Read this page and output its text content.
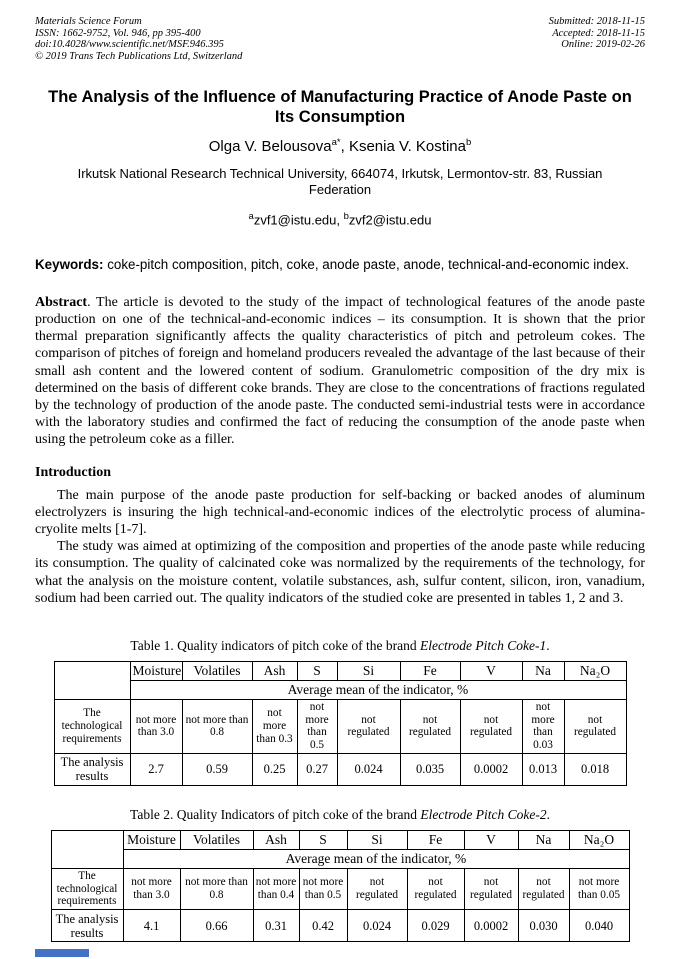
Materials Science Forum
ISSN: 1662-9752, Vol. 946, pp 395-400
doi:10.4028/www.scientific.net/MSF.946.395
© 2019 Trans Tech Publications Ltd, Switzerland
Submitted: 2018-11-15
Accepted: 2018-11-15
Online: 2019-02-26
The Analysis of the Influence of Manufacturing Practice of Anode Paste on Its Consumption
Olga V. Belousova$^{a*}$, Ksenia V. Kostina$^b$
Irkutsk National Research Technical University, 664074, Irkutsk, Lermontov-str. 83, Russian Federation
$^a$zvf1@istu.edu, $^b$zvf2@istu.edu

Keywords: coke-pitch composition, pitch, coke, anode paste, anode, technical-and-economic index.

Abstract. The article is devoted to the study of the impact of technological features of the anode paste production on one of the technical-and-economic indices – its consumption. It is shown that the prior thermal preparation significantly affects the quality characteristics of pitch and petroleum cokes. The comparison of pitches of foreign and homeland producers revealed the advantage of the last because of their small ash content and the lowered content of sodium. Granulometric composition of the dry mix is determined on the basis of different coke brands. They are close to the concentrations of fractions regulated by the technology of production of the anode paste. The conducted semi-industrial tests were in accordance with the laboratory studies and confirmed the fact of reducing the consumption of the anode paste when using the petroleum coke as a filler.

Introduction

The main purpose of the anode paste production for self-backing or backed anodes of aluminum electrolyzers is insuring the high technical-and-economic indices of the electrolytic process of alumina-cryolite melts [1-7].

The study was aimed at optimizing of the composition and properties of the anode paste while reducing its consumption. The quality of calcinated coke was normalized by the requirements of the technology, for what the analysis on the moisture content, volatile substances, ash, sulfur content, silicon, iron, vanadium, sodium had been carried out. The quality indicators of the studied coke are presented in tables 1, 2 and 3.

Table 1. Quality indicators of pitch coke of the brand Electrode Pitch Coke-1.
	Moisture	Volatiles	Ash	S	Si	Fe	V	Na	Na₂O
	Average mean of the indicator, %								
The technological requirements	not more than 3.0	not more than 0.8	not more than 0.3	not more than 0.5	not regulated	not regulated	not regulated	not more than 0.03	not regulated
The analysis results	2.7	0.59	0.25	0.27	0.024	0.035	0.0002	0.013	0.018
Table 2. Quality Indicators of pitch coke of the brand Electrode Pitch Coke-2.
	Moisture	Volatiles	Ash	S	Si	Fe	V	Na	Na₂O
	Average mean of the indicator, %								
The technological requirements	not more than 3.0	not more than 0.8	not more than 0.4	not more than 0.5	not regulated	not regulated	not regulated	not regulated	not more than 0.05
The analysis results	4.1	0.66	0.31	0.42	0.024	0.029	0.0002	0.030	0.040
